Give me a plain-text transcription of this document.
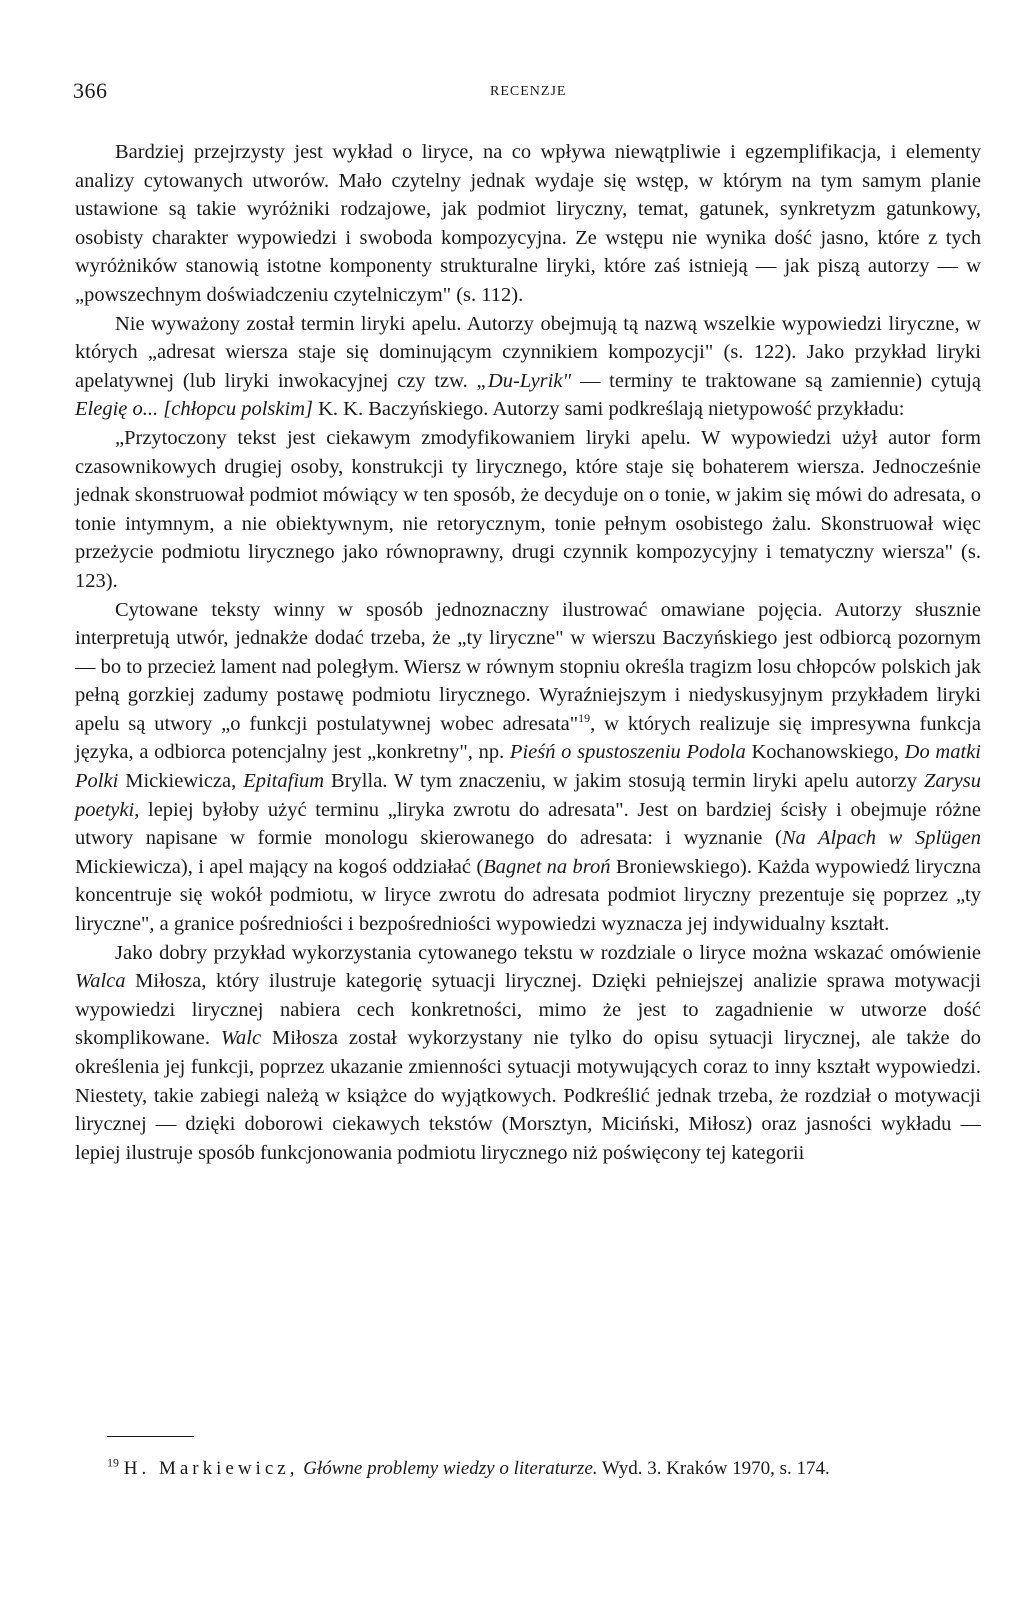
366	RECENZJE

Bardziej przejrzysty jest wykład o liryce, na co wpływa niewątpliwie i egzemplifikacja, i elementy analizy cytowanych utworów. Mało czytelny jednak wydaje się wstęp, w którym na tym samym planie ustawione są takie wyróżniki rodzajowe, jak podmiot liryczny, temat, gatunek, synkretyzm gatunkowy, osobisty charakter wypowiedzi i swoboda kompozycyjna. Ze wstępu nie wynika dość jasno, które z tych wyróżników stanowią istotne komponenty strukturalne liryki, które zaś istnieją — jak piszą autorzy — w „powszechnym doświadczeniu czytelniczym" (s. 112).

Nie wyważony został termin liryki apelu. Autorzy obejmują tą nazwą wszelkie wypowiedzi liryczne, w których „adresat wiersza staje się dominującym czynnikiem kompozycji" (s. 122). Jako przykład liryki apelatywnej (lub liryki inwokacyjnej czy tzw. „Du-Lyrik" — terminy te traktowane są zamiennie) cytują Elegię o... [chłopcu polskim] K. K. Baczyńskiego. Autorzy sami podkreślają nietypowość przykładu:

„Przytoczony tekst jest ciekawym zmodyfikowaniem liryki apelu. W wypowiedzi użył autor form czasownikowych drugiej osoby, konstrukcji ty lirycznego, które staje się bohaterem wiersza. Jednocześnie jednak skonstruował podmiot mówiący w ten sposób, że decyduje on o tonie, w jakim się mówi do adresata, o tonie intymnym, a nie obiektywnym, nie retorycznym, tonie pełnym osobistego żalu. Skonstruował więc przeżycie podmiotu lirycznego jako równoprawny, drugi czynnik kompozycyjny i tematyczny wiersza" (s. 123).

Cytowane teksty winny w sposób jednoznaczny ilustrować omawiane pojęcia. Autorzy słusznie interpretują utwór, jednakże dodać trzeba, że „ty liryczne" w wierszu Baczyńskiego jest odbiorcą pozornym — bo to przecież lament nad poległym. Wiersz w równym stopniu określa tragizm losu chłopców polskich jak pełną gorzkiej zadumy postawę podmiotu lirycznego. Wyraźniejszym i niedyskusyjnym przykładem liryki apelu są utwory „o funkcji postulatywnej wobec adresata"$^{19}$, w których realizuje się impresywna funkcja języka, a odbiorca potencjalny jest „konkretny", np. Pieśń o spustoszeniu Podola Kochanowskiego, Do matki Polki Mickiewicza, Epitafium Brylla. W tym znaczeniu, w jakim stosują termin liryki apelu autorzy Zarysu poetyki, lepiej byłoby użyć terminu „liryka zwrotu do adresata". Jest on bardziej ścisły i obejmuje różne utwory napisane w formie monologu skierowanego do adresata: i wyznanie (Na Alpach w Splügen Mickiewicza), i apel mający na kogoś oddziałać (Bagnet na broń Broniewskiego). Każda wypowiedź liryczna koncentruje się wokół podmiotu, w liryce zwrotu do adresata podmiot liryczny prezentuje się poprzez „ty liryczne", a granice pośredniości i bezpośredniości wypowiedzi wyznacza jej indywidualny kształt.

Jako dobry przykład wykorzystania cytowanego tekstu w rozdziale o liryce można wskazać omówienie Walca Miłosza, który ilustruje kategorię sytuacji lirycznej. Dzięki pełniejszej analizie sprawa motywacji wypowiedzi lirycznej nabiera cech konkretności, mimo że jest to zagadnienie w utworze dość skomplikowane. Walc Miłosza został wykorzystany nie tylko do opisu sytuacji lirycznej, ale także do określenia jej funkcji, poprzez ukazanie zmienności sytuacji motywujących coraz to inny kształt wypowiedzi. Niestety, takie zabiegi należą w książce do wyjątkowych. Podkreślić jednak trzeba, że rozdział o motywacji lirycznej — dzięki doborowi ciekawych tekstów (Morsztyn, Miciński, Miłosz) oraz jasności wykładu — lepiej ilustruje sposób funkcjonowania podmiotu lirycznego niż poświęcony tej kategorii

$^{19}$ H. Markiewicz, Główne problemy wiedzy o literaturze. Wyd. 3. Kraków 1970, s. 174.
